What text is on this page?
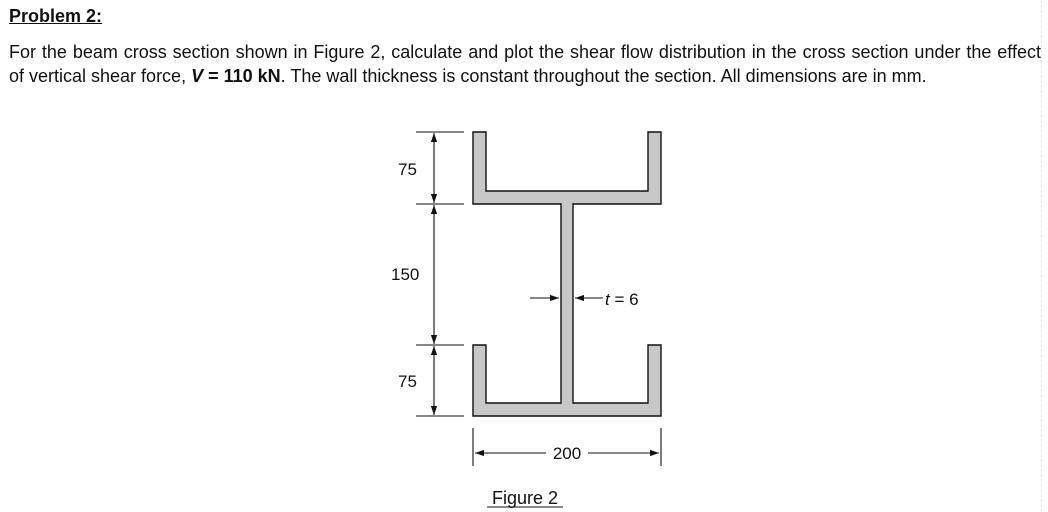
Problem 2:

For the beam cross section shown in Figure 2, calculate and plot the shear flow distribution in the cross section under the effect of vertical shear force, V = 110 kN. The wall thickness is constant throughout the section. All dimensions are in mm.

75
150
75
t = 6
200
Figure 2
